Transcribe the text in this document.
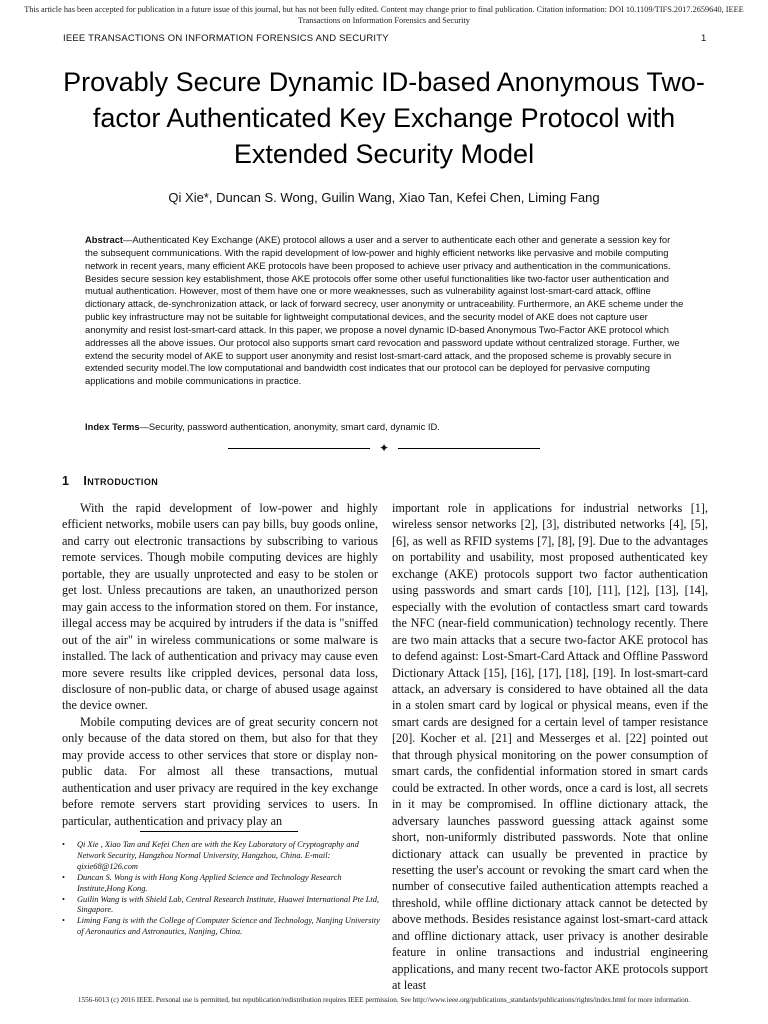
This article has been accepted for publication in a future issue of this journal, but has not been fully edited. Content may change prior to final publication. Citation information: DOI 10.1109/TIFS.2017.2659640, IEEE Transactions on Information Forensics and Security
IEEE TRANSACTIONS ON INFORMATION FORENSICS AND SECURITY	1
Provably Secure Dynamic ID-based Anonymous Two-factor Authenticated Key Exchange Protocol with Extended Security Model
Qi Xie*, Duncan S. Wong, Guilin Wang, Xiao Tan, Kefei Chen, Liming Fang
Abstract—Authenticated Key Exchange (AKE) protocol allows a user and a server to authenticate each other and generate a session key for the subsequent communications. With the rapid development of low-power and highly efficient networks like pervasive and mobile computing network in recent years, many efficient AKE protocols have been proposed to achieve user privacy and authentication in the communications. Besides secure session key establishment, those AKE protocols offer some other useful functionalities like two-factor user authentication and mutual authentication. However, most of them have one or more weaknesses, such as vulnerability against lost-smart-card attack, offline dictionary attack, de-synchronization attack, or lack of forward secrecy, user anonymity or untraceability. Furthermore, an AKE scheme under the public key infrastructure may not be suitable for lightweight computational devices, and the security model of AKE does not capture user anonymity and resist lost-smart-card attack. In this paper, we propose a novel dynamic ID-based Anonymous Two-Factor AKE protocol which addresses all the above issues. Our protocol also supports smart card revocation and password update without centralized storage. Further, we extend the security model of AKE to support user anonymity and resist lost-smart-card attack, and the proposed scheme is provably secure in extended security model.The low computational and bandwidth cost indicates that our protocol can be deployed for pervasive computing applications and mobile communications in practice.
Index Terms—Security, password authentication, anonymity, smart card, dynamic ID.
✦
1 Introduction

With the rapid development of low-power and highly efficient networks, mobile users can pay bills, buy goods online, and carry out electronic transactions by subscribing to various remote services. Though mobile computing devices are highly portable, they are usually unprotected and easy to be stolen or get lost. Unless precautions are taken, an unauthorized person may gain access to the information stored on them. For instance, illegal access may be acquired by intruders if the data is "sniffed out of the air" in wireless communications or some malware is installed. The lack of authentication and privacy may cause even more severe results like crippled devices, personal data loss, disclosure of non-public data, or charge of abused usage against the device owner.

Mobile computing devices are of great security concern not only because of the data stored on them, but also for that they may provide access to other services that store or display non-public data. For almost all these transactions, mutual authentication and user privacy are required in the key exchange before remote servers start providing services to users. In particular, authentication and privacy play an

important role in applications for industrial networks [1], wireless sensor networks [2], [3], distributed networks [4], [5], [6], as well as RFID systems [7], [8], [9]. Due to the advantages on portability and usability, most proposed authenticated key exchange (AKE) protocols support two factor authentication using passwords and smart cards [10], [11], [12], [13], [14], especially with the evolution of contactless smart card towards the NFC (near-field communication) technology recently. There are two main attacks that a secure two-factor AKE protocol has to defend against: Lost-Smart-Card Attack and Offline Password Dictionary Attack [15], [16], [17], [18], [19]. In lost-smart-card attack, an adversary is considered to have obtained all the data in a stolen smart card by logical or physical means, even if the smart cards are designed for a certain level of tamper resistance [20]. Kocher et al. [21] and Messerges et al. [22] pointed out that through physical monitoring on the power consumption of smart cards, the confidential information stored in smart cards could be extracted. In other words, once a card is lost, all secrets in it may be compromised. In offline dictionary attack, the adversary launches password guessing attack against some short, non-uniformly distributed passwords. Note that online dictionary attack can usually be prevented in practice by resetting the user's account or revoking the smart card when the number of consecutive failed authentication attempts reached a threshold, while offline dictionary attack cannot be detected by above methods. Besides resistance against lost-smart-card attack and offline dictionary attack, user privacy is another desirable feature in online transactions and industrial engineering applications, and many recent two-factor AKE protocols support at least

• Qi Xie , Xiao Tan and Kefei Chen are with the Key Laboratory of Cryptography and Network Security, Hangzhou Normal University, Hangzhou, China. E-mail: qixie68@126.com
• Duncan S. Wong is with Hong Kong Applied Science and Technology Research Institute,Hong Kong.
• Guilin Wang is with Shield Lab, Central Research Institute, Huawei International Pte Ltd, Singapore.
• Liming Fang is with the College of Computer Science and Technology, Nanjing University of Aeronautics and Astronautics, Nanjing, China.
1556-6013 (c) 2016 IEEE. Personal use is permitted, but republication/redistribution requires IEEE permission. See http://www.ieee.org/publications_standards/publications/rights/index.html for more information.
